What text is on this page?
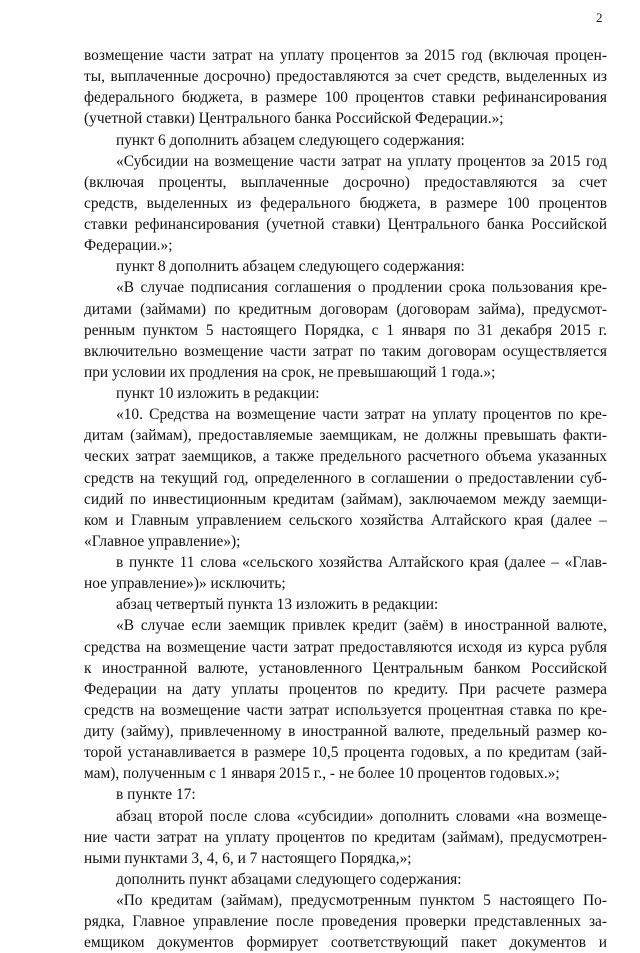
2
возмещение части затрат на уплату процентов за 2015 год (включая процен-
ты, выплаченные досрочно) предоставляются за счет средств, выделенных из
федерального бюджета, в размере 100 процентов ставки рефинансирования
(учетной ставки) Центрального банка Российской Федерации.»;
пункт 6 дополнить абзацем следующего содержания:
«Субсидии на возмещение части затрат на уплату процентов за 2015 год
(включая проценты, выплаченные досрочно) предоставляются за счет
средств, выделенных из федерального бюджета, в размере 100 процентов
ставки рефинансирования (учетной ставки) Центрального банка Российской
Федерации.»;
пункт 8 дополнить абзацем следующего содержания:
«В случае подписания соглашения о продлении срока пользования кре-
дитами (займами) по кредитным договорам (договорам займа), предусмот-
ренным пунктом 5 настоящего Порядка, с 1 января по 31 декабря 2015 г.
включительно возмещение части затрат по таким договорам осуществляется
при условии их продления на срок, не превышающий 1 года.»;
пункт 10 изложить в редакции:
«10. Средства на возмещение части затрат на уплату процентов по кре-
дитам (займам), предоставляемые заемщикам, не должны превышать факти-
ческих затрат заемщиков, а также предельного расчетного объема указанных
средств на текущий год, определенного в соглашении о предоставлении суб-
сидий по инвестиционным кредитам (займам), заключаемом между заемщи-
ком и Главным управлением сельского хозяйства Алтайского края (далее –
«Главное управление»);
в пункте 11 слова «сельского хозяйства Алтайского края (далее – «Глав-
ное управление»)» исключить;
абзац четвертый пункта 13 изложить в редакции:
«В случае если заемщик привлек кредит (заём) в иностранной валюте,
средства на возмещение части затрат предоставляются исходя из курса рубля
к иностранной валюте, установленного Центральным банком Российской
Федерации на дату уплаты процентов по кредиту. При расчете размера
средств на возмещение части затрат используется процентная ставка по кре-
диту (займу), привлеченному в иностранной валюте, предельный размер ко-
торой устанавливается в размере 10,5 процента годовых, а по кредитам (зай-
мам), полученным с 1 января 2015 г., - не более 10 процентов годовых.»;
в пункте 17:
абзац второй после слова «субсидии» дополнить словами «на возмеще-
ние части затрат на уплату процентов по кредитам (займам), предусмотрен-
ными пунктами 3, 4, 6, и 7 настоящего Порядка,»;
дополнить пункт абзацами следующего содержания:
«По кредитам (займам), предусмотренным пунктом 5 настоящего По-
рядка, Главное управление после проведения проверки представленных за-
емщиком документов формирует соответствующий пакет документов и
